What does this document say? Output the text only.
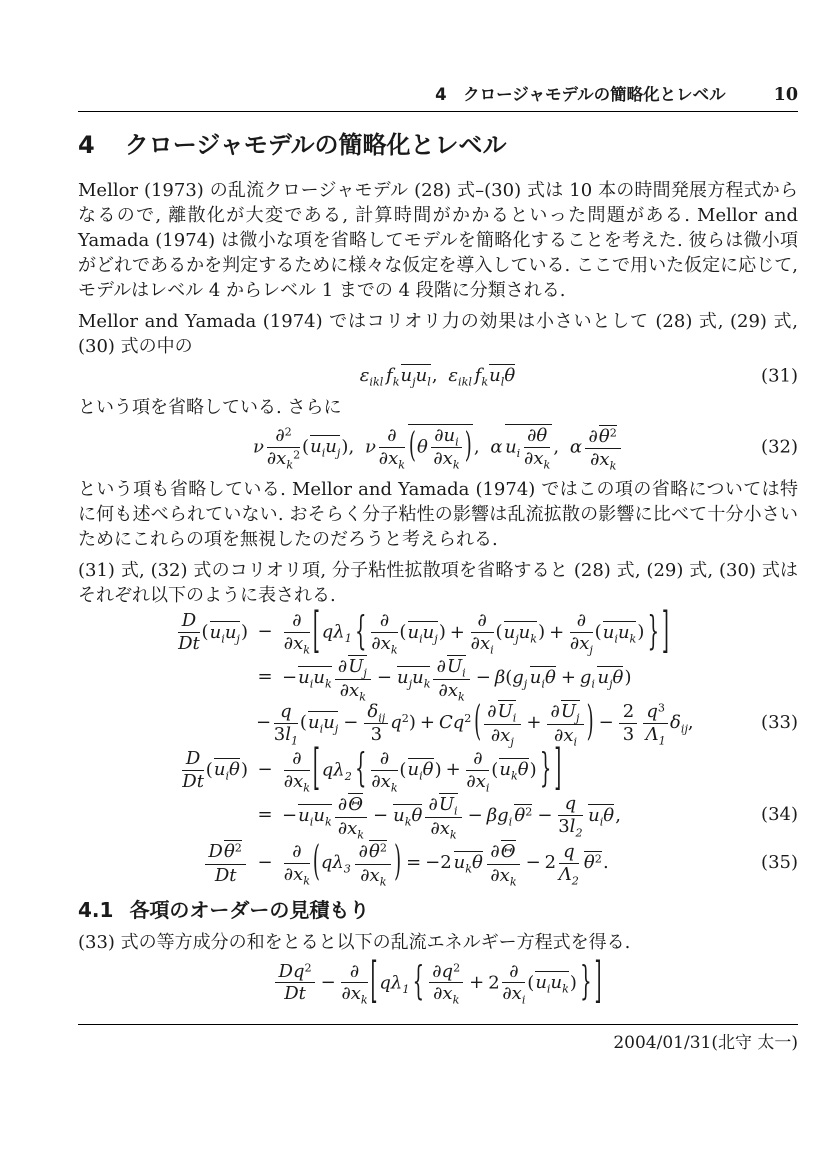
4　クロージャモデルの簡略化とレベル	10
4 クロージャモデルの簡略化とレベル

Mellor (1973) の乱流クロージャモデル (28) 式–(30) 式は 10 本の時間発展方程式からなるので, 離散化が大変である, 計算時間がかかるといった問題がある. Mellor and Yamada (1974) は微小な項を省略してモデルを簡略化することを考えた. 彼らは微小項がどれであるかを判定するために様々な仮定を導入している. ここで用いた仮定に応じて, モデルはレベル 4 からレベル 1 までの 4 段階に分類される.

Mellor and Yamada (1974) ではコリオリ力の効果は小さいとして (28) 式, (29) 式, (30) 式の中の

$\varepsilon_{ikl}$ $f_ku_ju_l$, $\varepsilon_{ikl}$ $f_ku_l\theta$	(31)

という項を省略している. さらに

ν $\frac{\partial^2}{\partial x_k^2} (u_iu_j)$, ν $\frac{\partial}{\partial x_k} (\theta \frac{\partial u_i}{\partial x_k}$ ) , α $u_i \frac{\partial\theta}{\partial x_k}$ , α $\frac{\partial\theta^2}{\partial x_k}$	(32)

という項も省略している. Mellor and Yamada (1974) ではこの項の省略については特に何も述べられていない. おそらく分子粘性の影響は乱流拡散の影響に比べて十分小さいためにこれらの項を無視したのだろうと考えられる.

(31) 式, (32) 式のコリオリ項, 分子粘性拡散項を省略すると (28) 式, (29) 式, (30) 式はそれぞれ以下のように表される.

$\frac{D}{Dt} (u_iu_j) - \frac{\partial}{\partial x_k}$ [ $q\lambda_1$ { $\frac{\partial}{\partial x_k} (u_iu_j) + \frac{\partial}{\partial x_i} (u_ju_k) + \frac{\partial}{\partial x_j} (u_iu_k)$ } ]
= $-u_iu_k \frac{\partial U_j}{\partial x_k} - u_ju_k \frac{\partial U_i}{\partial x_k} - \beta(g_j$ $u_i\theta + g_i$ $u_j\theta$)
− $\frac{q}{3l_1} (u_iu_j - \frac{\delta_{ij}}{3} q^2) + Cq^2$ ( $\frac{\partial U_i}{\partial x_j} + \frac{\partial U_j}{\partial x_i}$ ) − $\frac{2}{3} \frac{q^3}{\Lambda_1} \delta_{ij}$,	(33)
$\frac{D}{Dt} (u_i\theta) - \frac{\partial}{\partial x_k}$ [ $q\lambda_2$ { $\frac{\partial}{\partial x_k} (u_i\theta) + \frac{\partial}{\partial x_i} (u_k\theta)$ } ]
= $-u_iu_k \frac{\partial\Theta}{\partial x_k} - u_k\theta \frac{\partial U_i}{\partial x_k} - \beta g_i$ $\theta^2 - \frac{q}{3l_2} u_i\theta$,	(34)
$\frac{D\theta^2}{Dt} - \frac{\partial}{\partial x_k} (q\lambda_3 \frac{\partial\theta^2}{\partial x_k}$ ) = −2 $u_k\theta \frac{\partial\Theta}{\partial x_k} - 2 \frac{q}{\Lambda_2} \theta^2$.	(35)
4.1 各項のオーダーの見積もり

(33) 式の等方成分の和をとると以下の乱流エネルギー方程式を得る.

$\frac{Dq^2}{Dt} - \frac{\partial}{\partial x_k}$ [ $q\lambda_1$ { $\frac{\partial q^2}{\partial x_k} + 2 \frac{\partial}{\partial x_i} (u_iu_k)$ } ]
2004/01/31(北守 太一)
